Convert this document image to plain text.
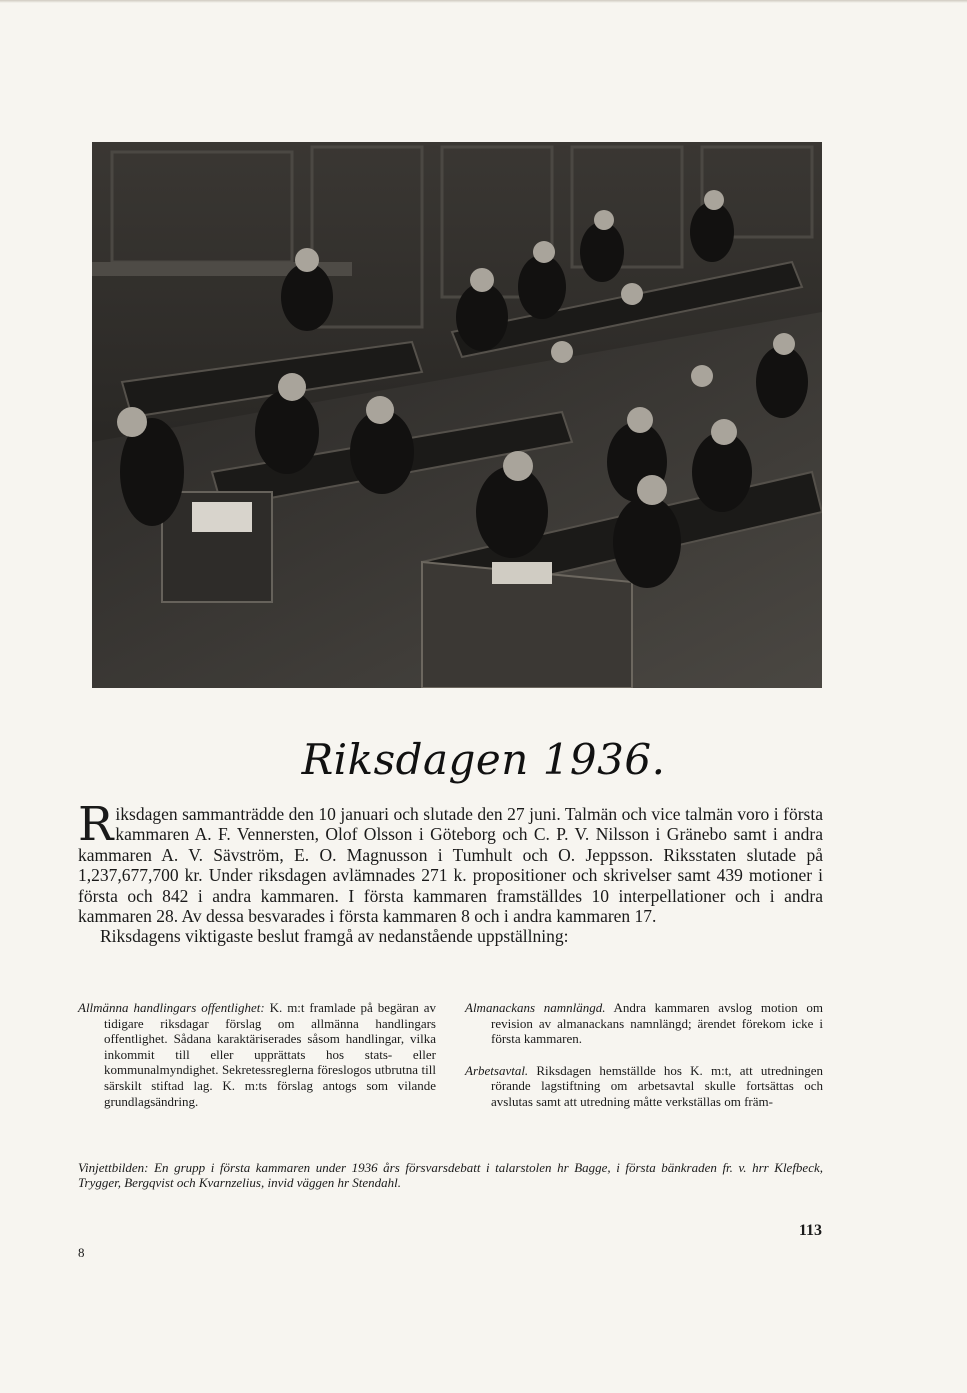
Riksdagen 1936.

Riksdagen sammanträdde den 10 januari och slutade den 27 juni. Talmän och vice talmän voro i första kammaren A. F. Vennersten, Olof Olsson i Göteborg och C. P. V. Nilsson i Gränebo samt i andra kammaren A. V. Sävström, E. O. Magnusson i Tumhult och O. Jeppsson. Riksstaten slutade på 1,237,677,700 kr. Under riksdagen avlämnades 271 k. propositioner och skrivelser samt 439 motioner i första och 842 i andra kammaren. I första kammaren framställdes 10 interpellationer och i andra kammaren 28. Av dessa besvarades i första kammaren 8 och i andra kammaren 17.

Riksdagens viktigaste beslut framgå av nedanstående uppställning:

Allmänna handlingars offentlighet: K. m:t framlade på begäran av tidigare riksdagar förslag om allmänna handlingars offentlighet. Sådana karaktäriserades såsom handlingar, vilka inkommit till eller upprättats hos stats- eller kommunalmyndighet. Sekretessreglerna föreslogos utbrutna till särskilt stiftad lag. K. m:ts förslag antogs som vilande grundlagsändring.

Almanackans namnlängd. Andra kammaren avslog motion om revision av almanackans namnlängd; ärendet förekom icke i första kammaren.

Arbetsavtal. Riksdagen hemställde hos K. m:t, att utredningen rörande lagstiftning om arbetsavtal skulle fortsättas och avslutas samt att utredning måtte verkställas om främ-

Vinjettbilden: En grupp i första kammaren under 1936 års försvarsdebatt i talarstolen hr Bagge, i första bänkraden fr. v. hrr Klefbeck, Trygger, Bergqvist och Kvarnzelius, invid väggen hr Stendahl.
113
8
